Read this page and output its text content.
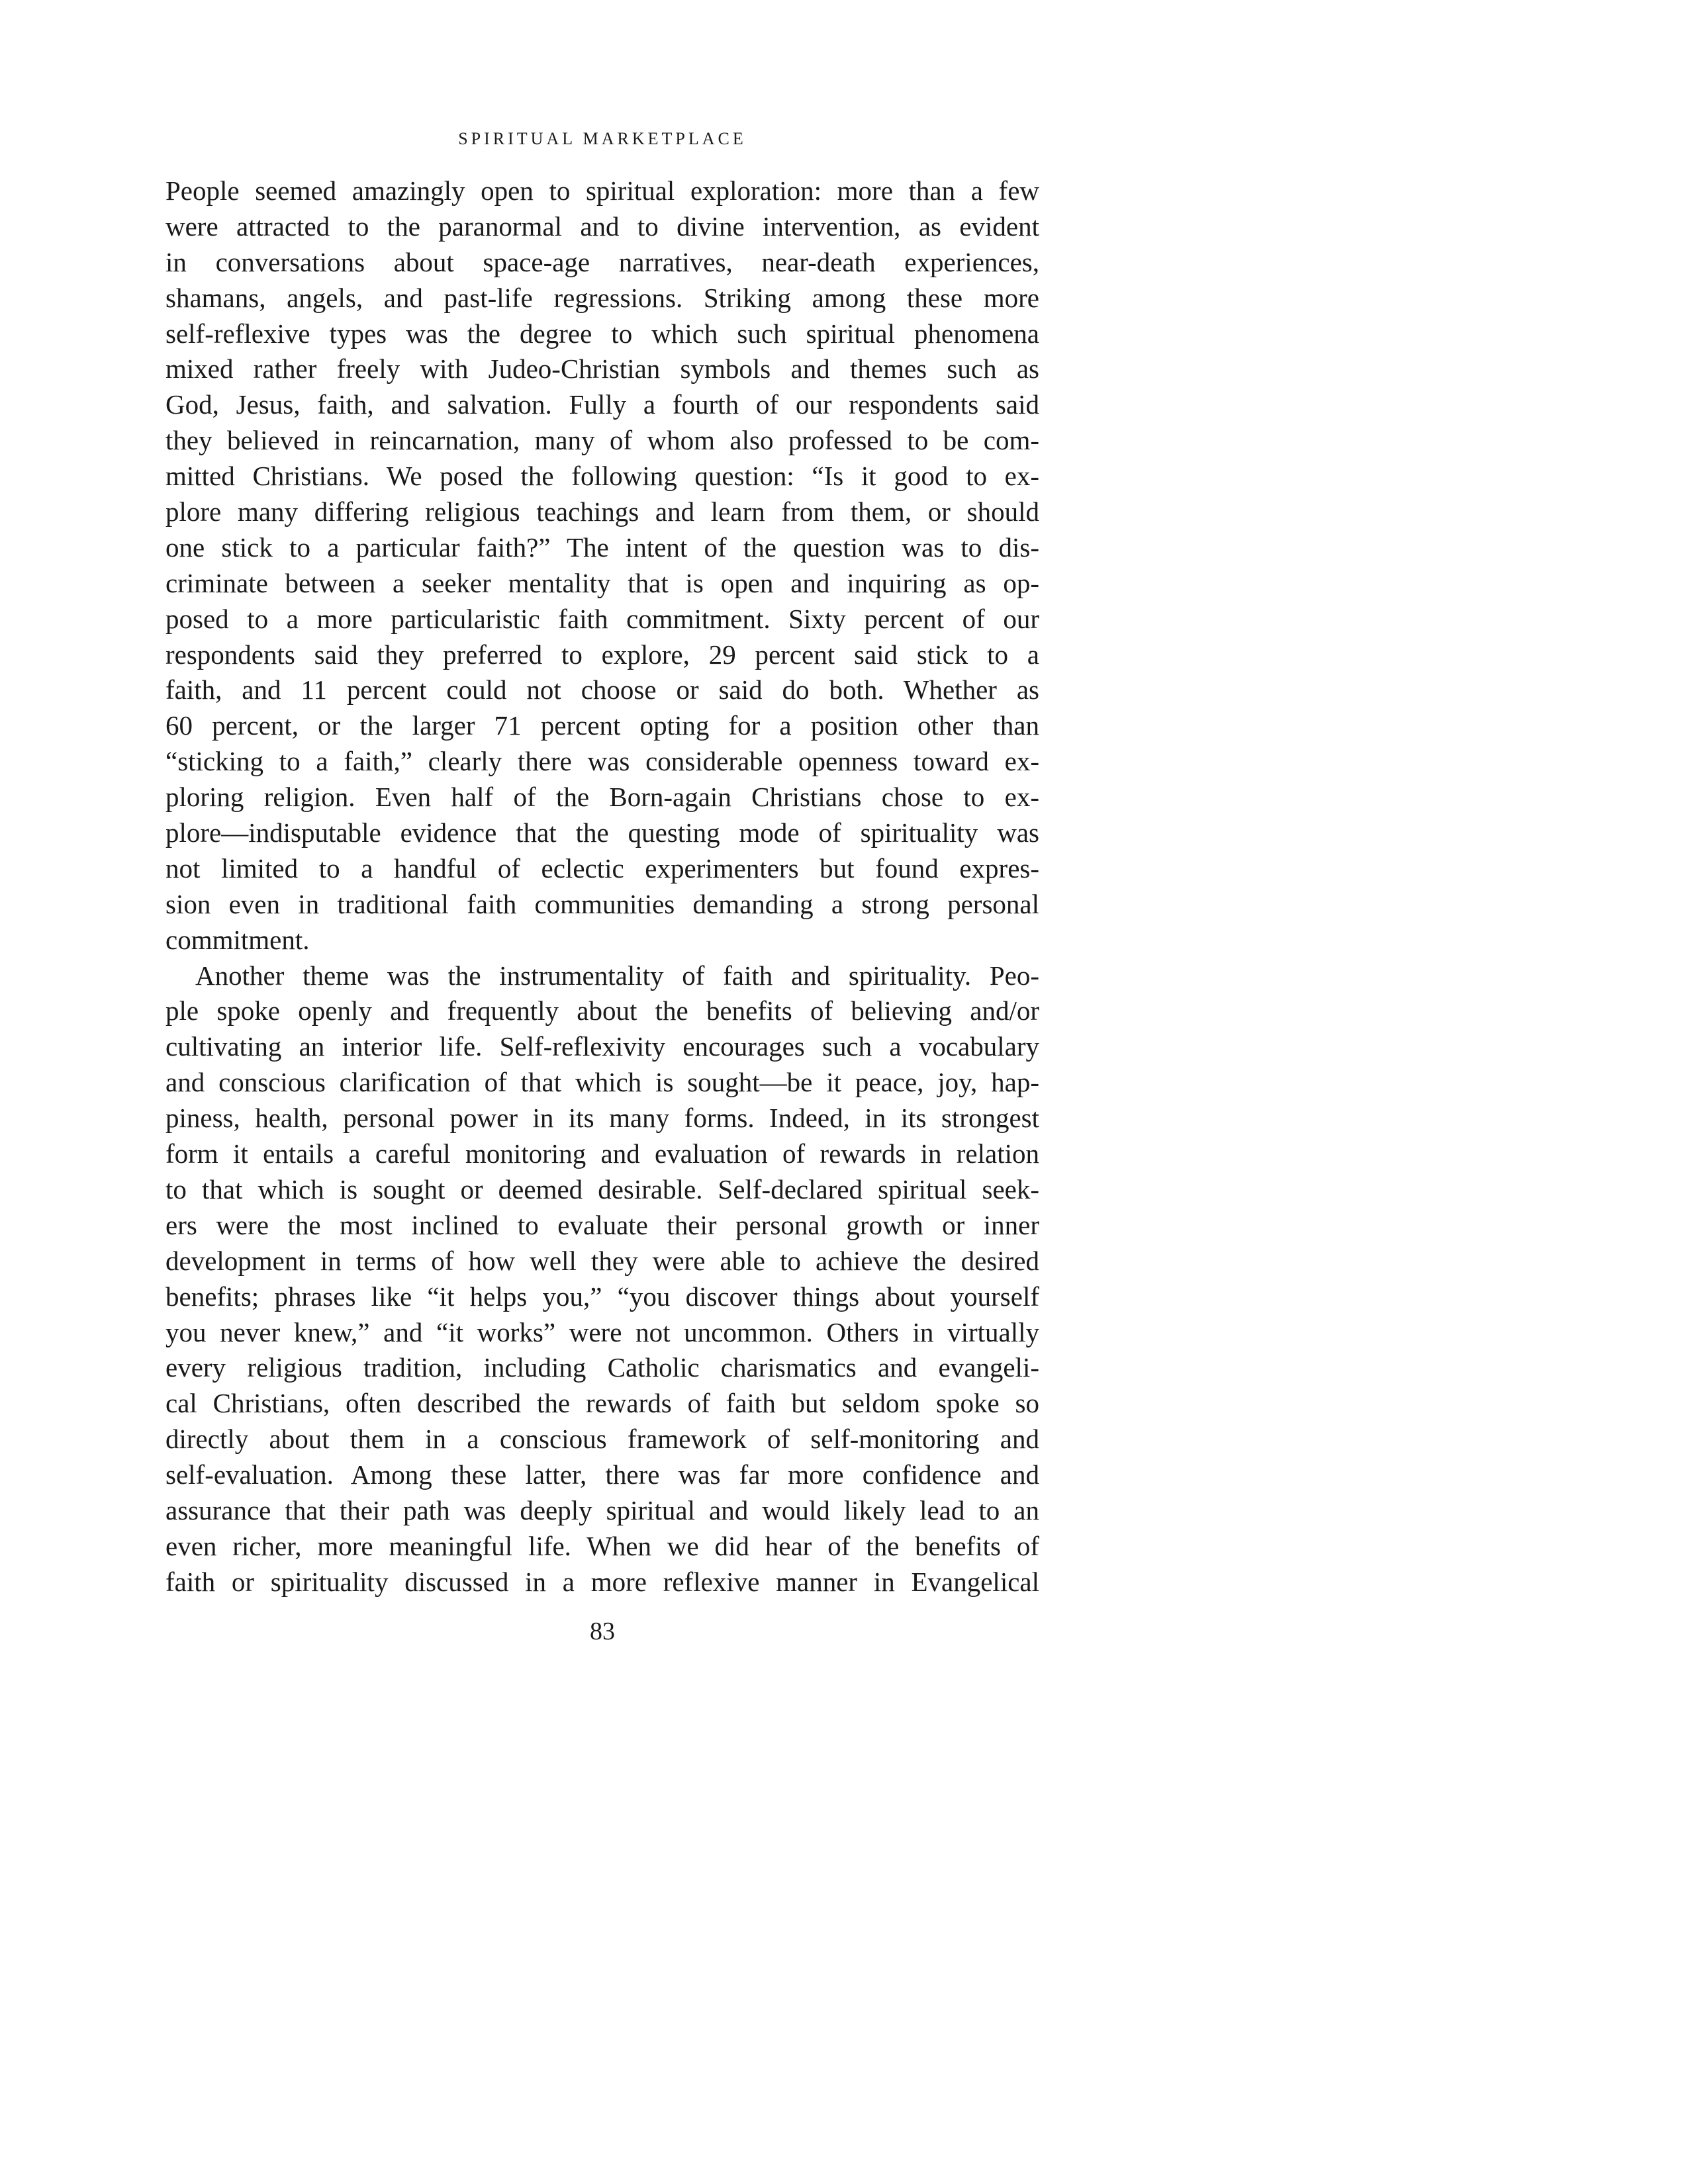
SPIRITUAL MARKETPLACE
People seemed amazingly open to spiritual exploration: more than a few
were attracted to the paranormal and to divine intervention, as evident
in conversations about space-age narratives, near-death experiences,
shamans, angels, and past-life regressions. Striking among these more
self-reflexive types was the degree to which such spiritual phenomena
mixed rather freely with Judeo-Christian symbols and themes such as
God, Jesus, faith, and salvation. Fully a fourth of our respondents said
they believed in reincarnation, many of whom also professed to be com-
mitted Christians. We posed the following question: “Is it good to ex-
plore many differing religious teachings and learn from them, or should
one stick to a particular faith?” The intent of the question was to dis-
criminate between a seeker mentality that is open and inquiring as op-
posed to a more particularistic faith commitment. Sixty percent of our
respondents said they preferred to explore, 29 percent said stick to a
faith, and 11 percent could not choose or said do both. Whether as
60 percent, or the larger 71 percent opting for a position other than
“sticking to a faith,” clearly there was considerable openness toward ex-
ploring religion. Even half of the Born-again Christians chose to ex-
plore—indisputable evidence that the questing mode of spirituality was
not limited to a handful of eclectic experimenters but found expres-
sion even in traditional faith communities demanding a strong personal
commitment.
Another theme was the instrumentality of faith and spirituality. Peo-
ple spoke openly and frequently about the benefits of believing and/or
cultivating an interior life. Self-reflexivity encourages such a vocabulary
and conscious clarification of that which is sought—be it peace, joy, hap-
piness, health, personal power in its many forms. Indeed, in its strongest
form it entails a careful monitoring and evaluation of rewards in relation
to that which is sought or deemed desirable. Self-declared spiritual seek-
ers were the most inclined to evaluate their personal growth or inner
development in terms of how well they were able to achieve the desired
benefits; phrases like “it helps you,” “you discover things about yourself
you never knew,” and “it works” were not uncommon. Others in virtually
every religious tradition, including Catholic charismatics and evangeli-
cal Christians, often described the rewards of faith but seldom spoke so
directly about them in a conscious framework of self-monitoring and
self-evaluation. Among these latter, there was far more confidence and
assurance that their path was deeply spiritual and would likely lead to an
even richer, more meaningful life. When we did hear of the benefits of
faith or spirituality discussed in a more reflexive manner in Evangelical
83
